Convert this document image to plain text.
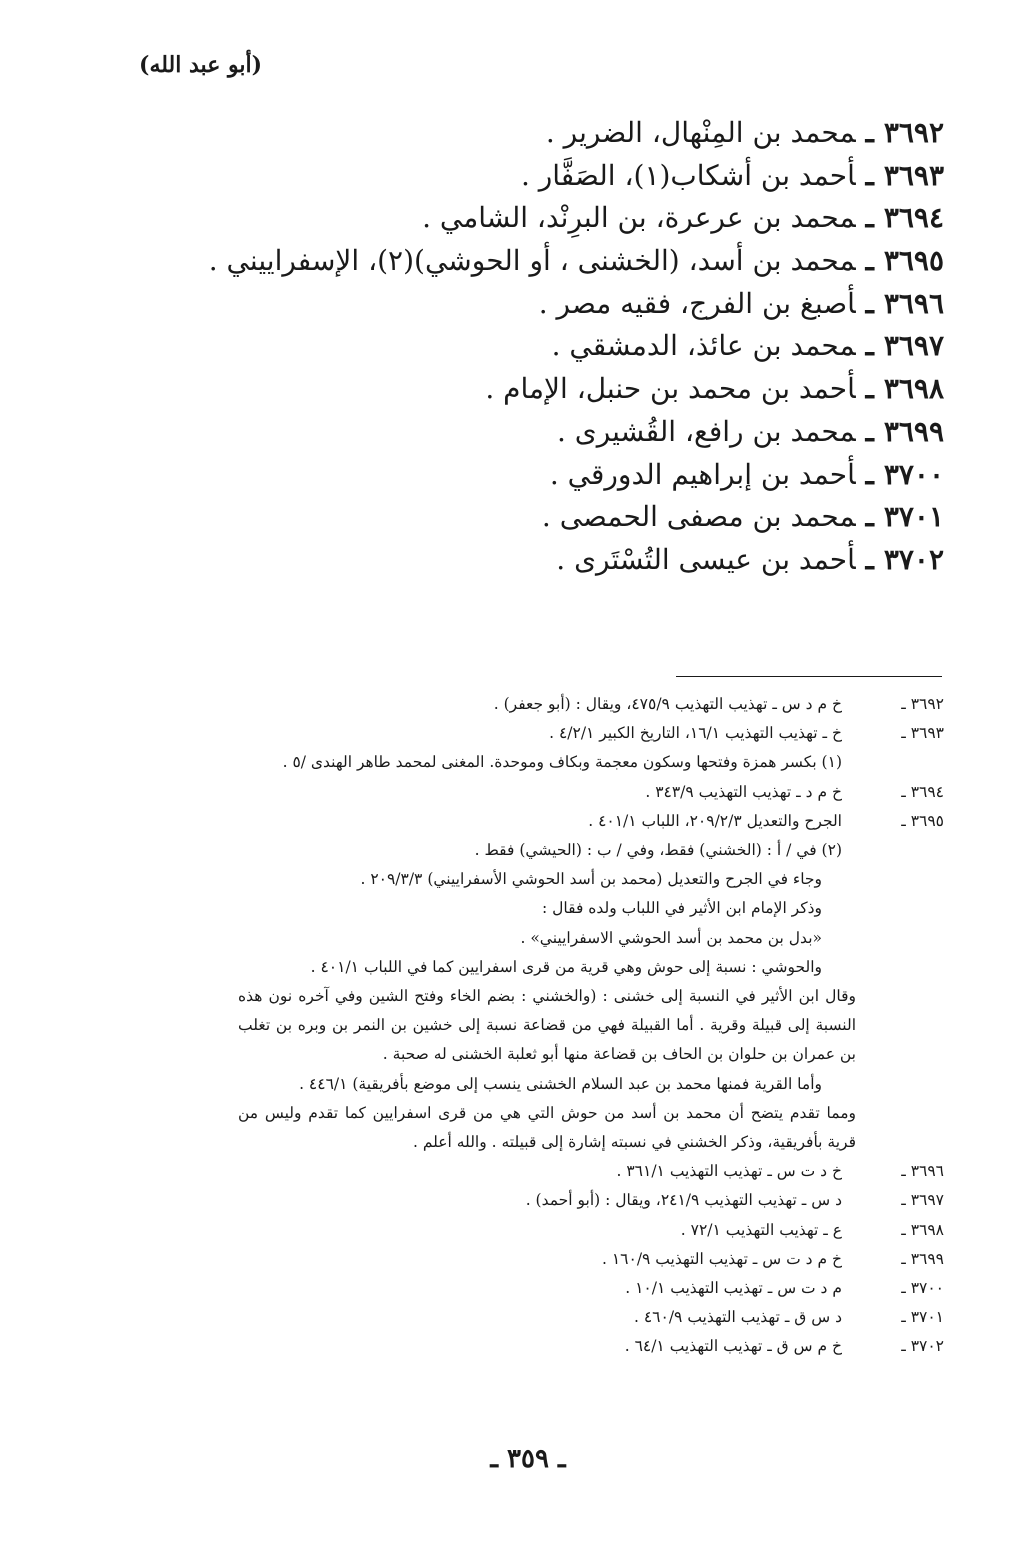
(أبو عبد الله)
٣٦٩٢ـمحمد بن المِنْهال، الضرير .
٣٦٩٣ـأحمد بن أشكاب(١)، الصَفَّار .
٣٦٩٤ـمحمد بن عرعرة، بن البرِنْد، الشامي .
٣٦٩٥ـمحمد بن أسد، (الخشنى ، أو الحوشي)(٢)، الإسفراييني .
٣٦٩٦ـأصبغ بن الفرج، فقيه مصر .
٣٦٩٧ـمحمد بن عائذ، الدمشقي .
٣٦٩٨ـأحمد بن محمد بن حنبل، الإمام .
٣٦٩٩ـمحمد بن رافع، القُشيرى .
٣٧٠٠ـأحمد بن إبراهيم الدورقي .
٣٧٠١ـمحمد بن مصفى الحمصى .
٣٧٠٢ـأحمد بن عيسى التُسْتَرى .
٣٦٩٢ ـ
خ م د س ـ تهذيب التهذيب ٤٧٥/٩، ويقال : (أبو جعفر) .
٣٦٩٣ ـ
خ ـ تهذيب التهذيب ١٦/١، التاريخ الكبير ٤/٢/١ .
(١) بكسر همزة وفتحها وسكون معجمة وبكاف وموحدة. المغنى لمحمد طاهر الهندى /٥ .
٣٦٩٤ ـ
خ م د ـ تهذيب التهذيب ٣٤٣/٩ .
٣٦٩٥ ـ
الجرح والتعديل ٢٠٩/٢/٣، اللباب ٤٠١/١ .
(٢) في / أ : (الخشني) فقط، وفي / ب : (الحيشي) فقط .
وجاء في الجرح والتعديل (محمد بن أسد الحوشي الأسفراييني) ٢٠٩/٣/٣ .
وذكر الإمام ابن الأثير في اللباب ولده فقال :
«بدل بن محمد بن أسد الحوشي الاسفراييني» .
والحوشي : نسبة إلى حوش وهي قرية من قرى اسفرايين كما في اللباب ٤٠١/١ .
وقال ابن الأثير في النسبة إلى خشنى : (والخشني : بضم الخاء وفتح الشين وفي آخره نون هذه النسبة إلى قبيلة وقرية . أما القبيلة فهي من قضاعة نسبة إلى خشين بن النمر بن وبره بن تغلب بن عمران بن حلوان بن الحاف بن قضاعة منها أبو ثعلبة الخشنى له صحبة .
وأما القرية فمنها محمد بن عبد السلام الخشنى ينسب إلى موضع بأفريقية) ٤٤٦/١ .
ومما تقدم يتضح أن محمد بن أسد من حوش التي هي من قرى اسفرايين كما تقدم وليس من قرية بأفريقية، وذكر الخشني في نسبته إشارة إلى قبيلته . والله أعلم .
٣٦٩٦ ـ
خ د ت س ـ تهذيب التهذيب ٣٦١/١ .
٣٦٩٧ ـ
د س ـ تهذيب التهذيب ٢٤١/٩، ويقال : (أبو أحمد) .
٣٦٩٨ ـ
ع ـ تهذيب التهذيب ٧٢/١ .
٣٦٩٩ ـ
خ م د ت س ـ تهذيب التهذيب ١٦٠/٩ .
٣٧٠٠ ـ
م د ت س ـ تهذيب التهذيب ١٠/١ .
٣٧٠١ ـ
د س ق ـ تهذيب التهذيب ٤٦٠/٩ .
٣٧٠٢ ـ
خ م س ق ـ تهذيب التهذيب ٦٤/١ .
ـ ٣٥٩ ـ
